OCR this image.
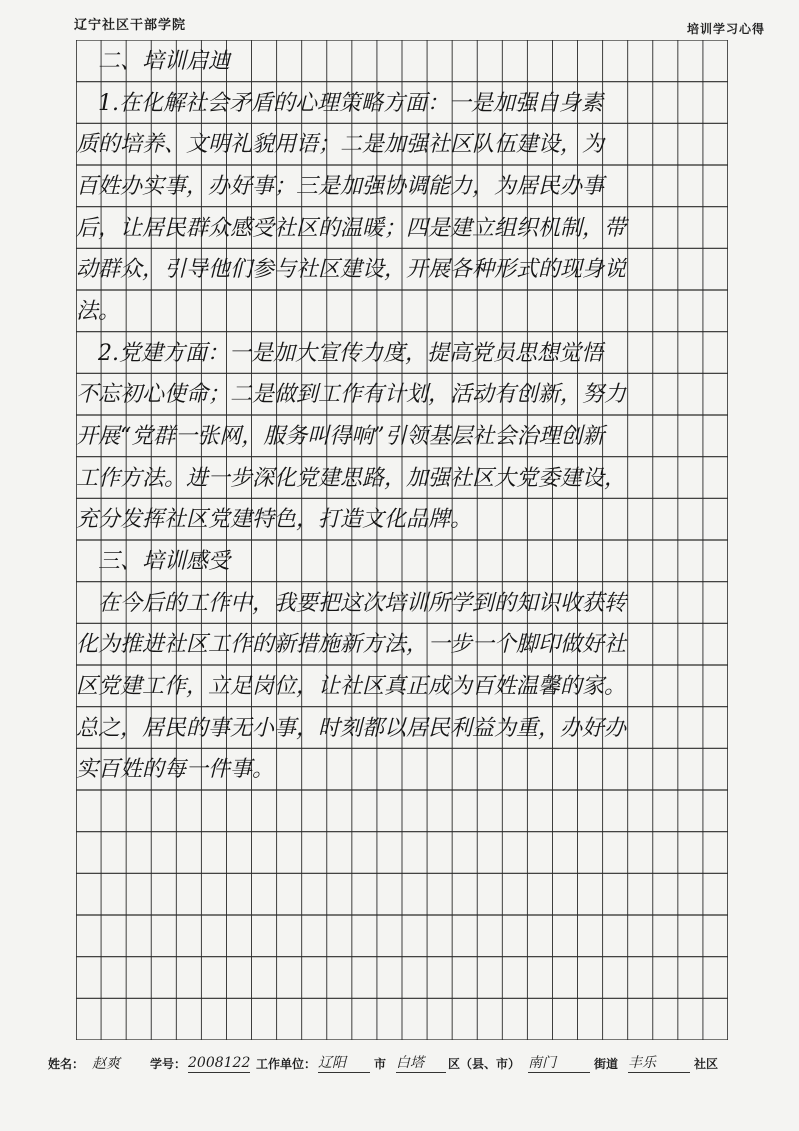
辽宁社区干部学院	培训学习心得
　二、培训启迪
　1.在化解社会矛盾的心理策略方面：一是加强自身素
质的培养、文明礼貌用语；二是加强社区队伍建设，为
百姓办实事，办好事；三是加强协调能力，为居民办事
后，让居民群众感受社区的温暖；四是建立组织机制，带
动群众，引导他们参与社区建设，开展各种形式的现身说
法。
　2.党建方面：一是加大宣传力度，提高党员思想觉悟
不忘初心使命；二是做到工作有计划，活动有创新，努力
开展“党群一张网，服务叫得响”引领基层社会治理创新
工作方法。进一步深化党建思路，加强社区大党委建设，
充分发挥社区党建特色，打造文化品牌。
　三、培训感受
　在今后的工作中，我要把这次培训所学到的知识收获转
化为推进社区工作的新措施新方法，一步一个脚印做好社
区党建工作，立足岗位，让社区真正成为百姓温馨的家。
总之，居民的事无小事，时刻都以居民利益为重，办好办
实百姓的每一件事。
姓名： 赵爽	学号： 2008122 工作单位： 辽阳	市 白塔	区（县、市） 南门	街道 丰乐	社区
